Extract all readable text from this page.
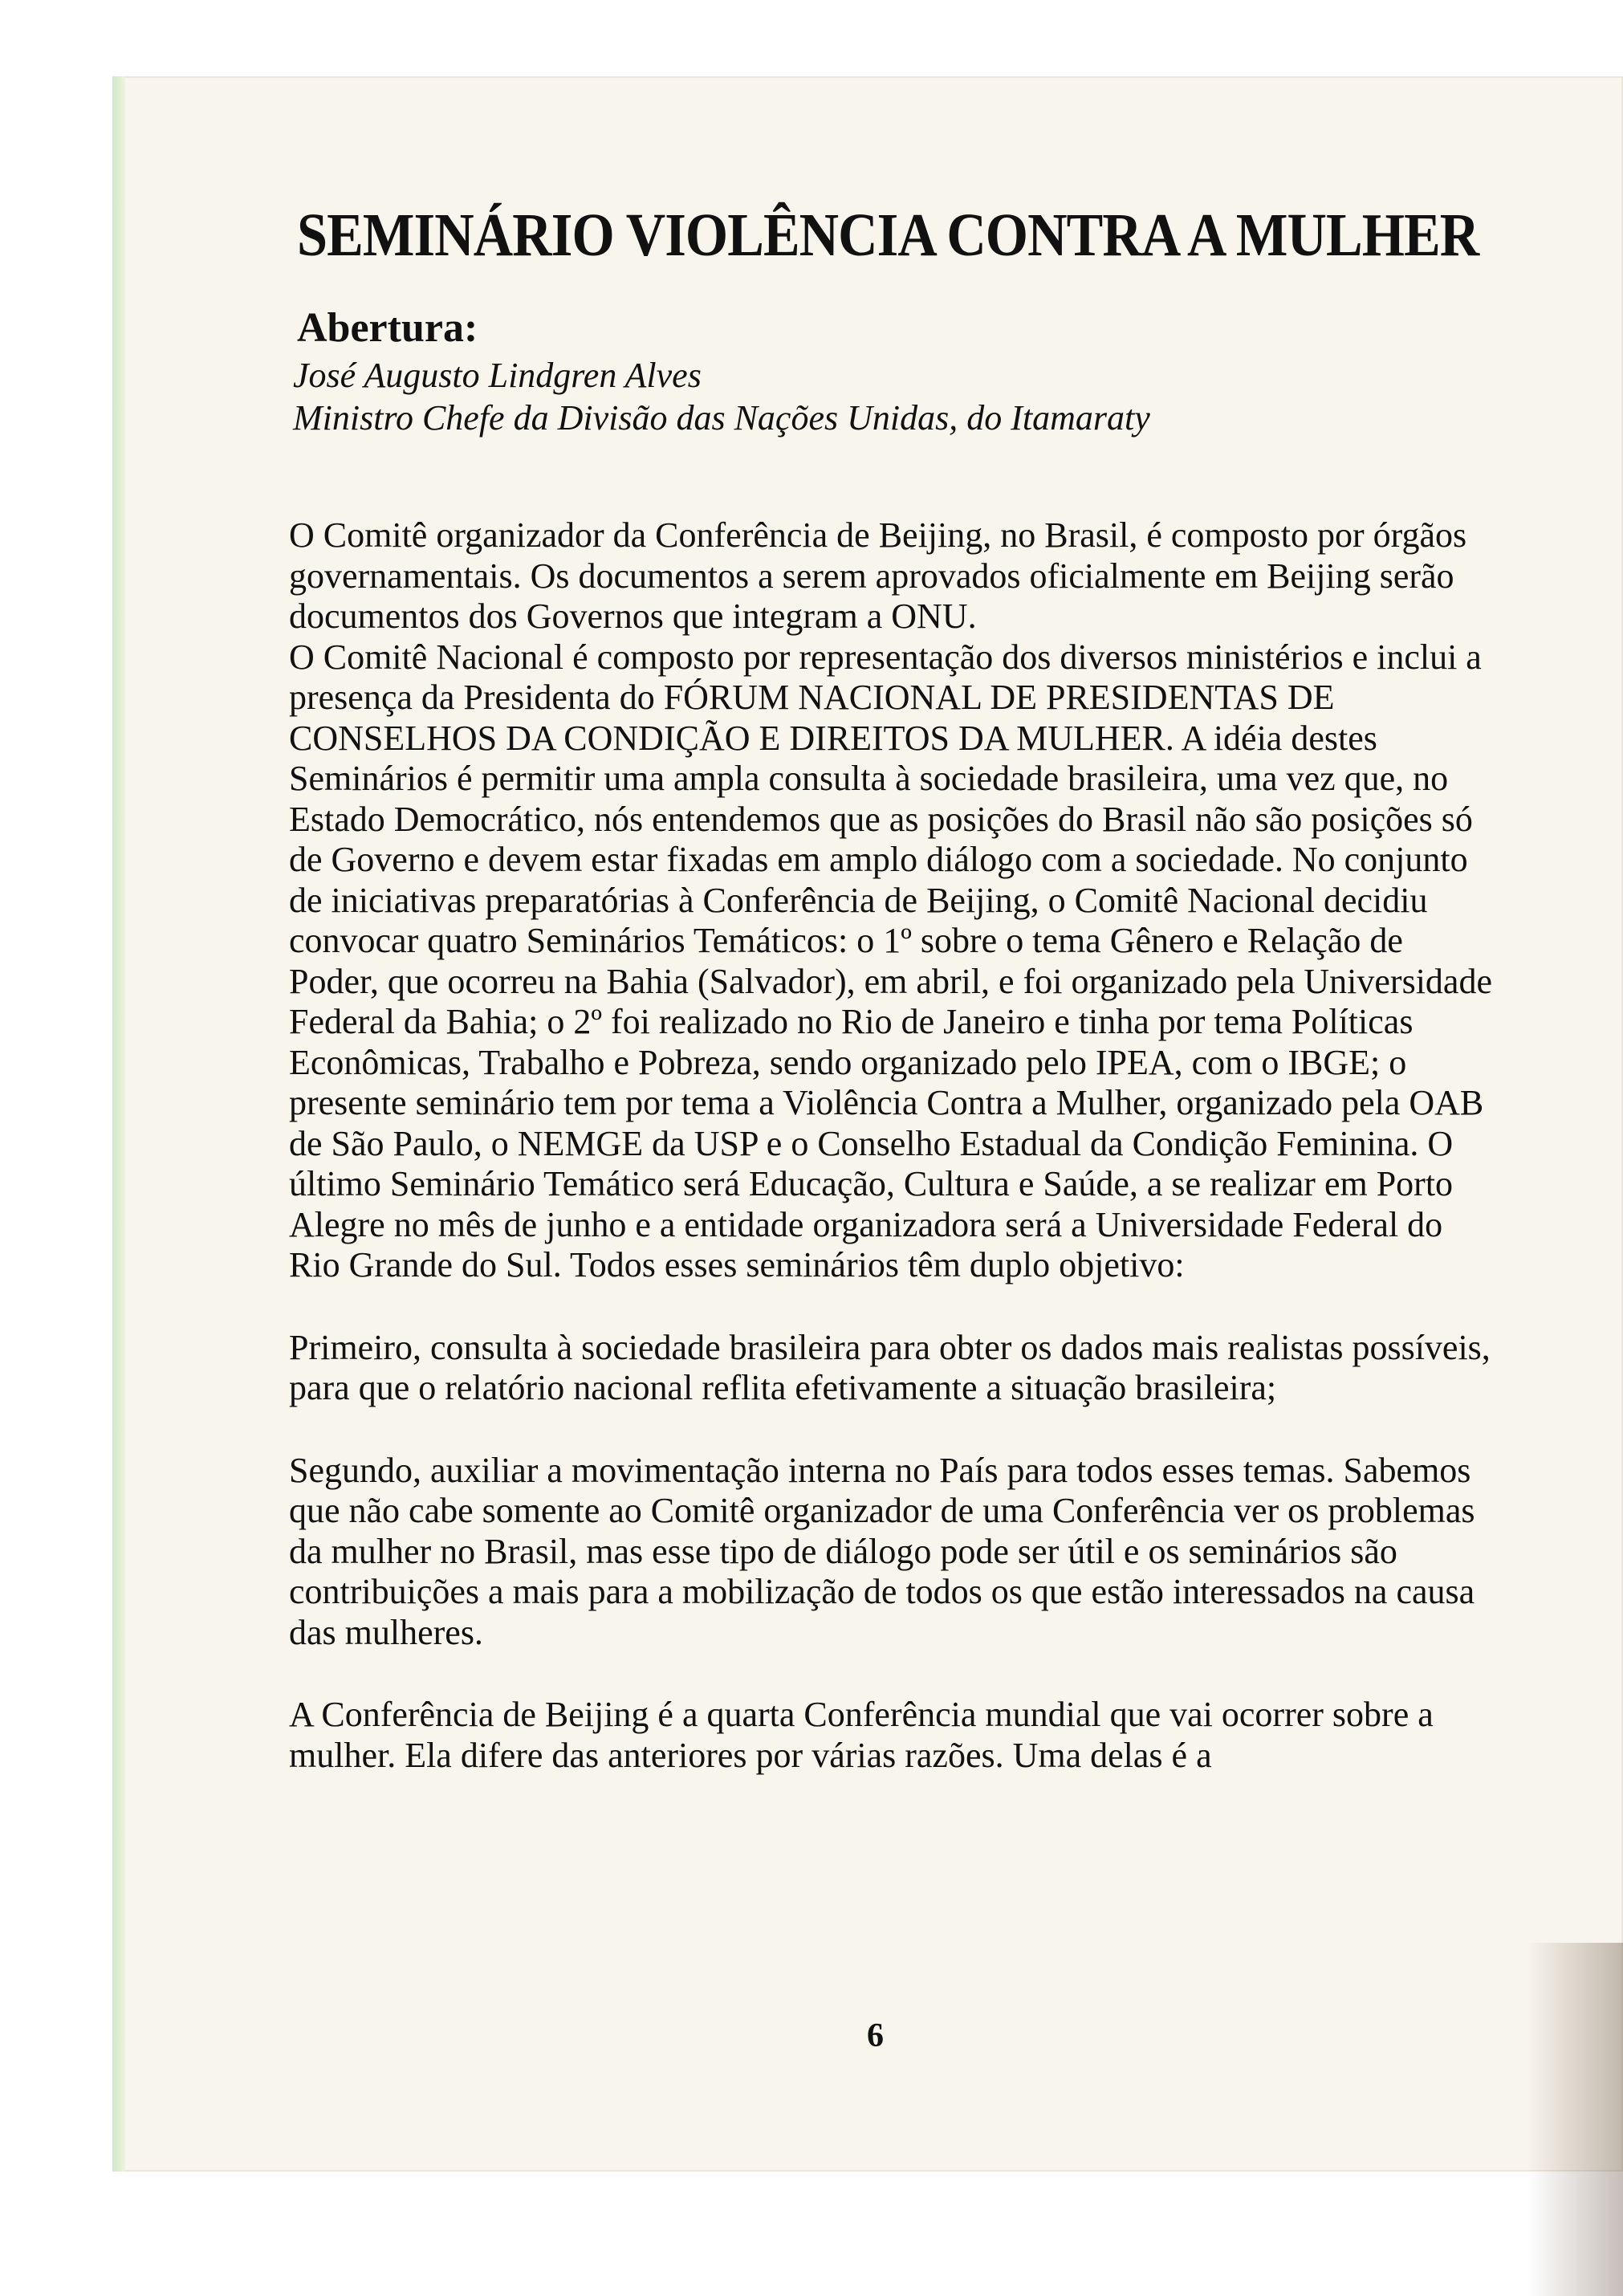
SEMINÁRIO VIOLÊNCIA CONTRA A MULHER
Abertura:
José Augusto Lindgren Alves
Ministro Chefe da Divisão das Nações Unidas, do Itamaraty

O Comitê organizador da Conferência de Beijing, no Brasil, é composto por órgãos governamentais. Os documentos a serem aprovados oficialmente em Beijing serão documentos dos Governos que integram a ONU.

O Comitê Nacional é composto por representação dos diversos ministérios e inclui a presença da Presidenta do FÓRUM NACIONAL DE PRESIDENTAS DE CONSELHOS DA CONDIÇÃO E DIREITOS DA MULHER. A idéia destes Seminários é permitir uma ampla consulta à sociedade brasileira, uma vez que, no Estado Democrático, nós entendemos que as posições do Brasil não são posições só de Governo e devem estar fixadas em amplo diálogo com a sociedade. No conjunto de iniciativas preparatórias à Conferência de Beijing, o Comitê Nacional decidiu convocar quatro Seminários Temáticos: o 1º sobre o tema Gênero e Relação de Poder, que ocorreu na Bahia (Salvador), em abril, e foi organizado pela Universidade Federal da Bahia; o 2º foi realizado no Rio de Janeiro e tinha por tema Políticas Econômicas, Trabalho e Pobreza, sendo organizado pelo IPEA, com o IBGE; o presente seminário tem por tema a Violência Contra a Mulher, organizado pela OAB de São Paulo, o NEMGE da USP e o Conselho Estadual da Condição Feminina. O último Seminário Temático será Educação, Cultura e Saúde, a se realizar em Porto Alegre no mês de junho e a entidade organizadora será a Universidade Federal do Rio Grande do Sul. Todos esses seminários têm duplo objetivo:

Primeiro, consulta à sociedade brasileira para obter os dados mais realistas possíveis, para que o relatório nacional reflita efetivamente a situação brasileira;

Segundo, auxiliar a movimentação interna no País para todos esses temas. Sabemos que não cabe somente ao Comitê organizador de uma Conferência ver os problemas da mulher no Brasil, mas esse tipo de diálogo pode ser útil e os seminários são contribuições a mais para a mobilização de todos os que estão interessados na causa das mulheres.

A Conferência de Beijing é a quarta Conferência mundial que vai ocorrer sobre a mulher. Ela difere das anteriores por várias razões. Uma delas é a

6
